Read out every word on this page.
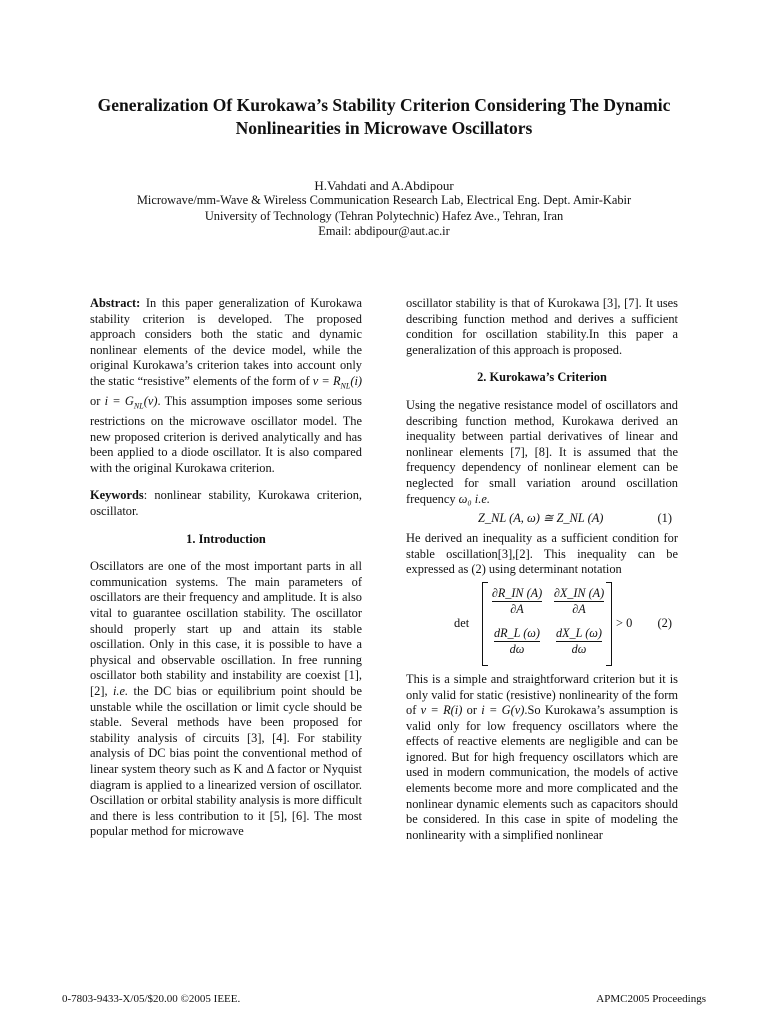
Generalization Of Kurokawa’s Stability Criterion Considering The Dynamic Nonlinearities in Microwave Oscillators
H.Vahdati and A.Abdipour
Microwave/mm-Wave & Wireless Communication Research Lab, Electrical Eng. Dept. Amir-Kabir
University of Technology (Tehran Polytechnic) Hafez Ave., Tehran, Iran
Email: abdipour@aut.ac.ir

Abstract: In this paper generalization of Kurokawa stability criterion is developed. The proposed approach considers both the static and dynamic nonlinear elements of the device model, while the original Kurokawa’s criterion takes into account only the static “resistive” elements of the form of $v = R_{NL}(i)$ or $i = G_{NL}(v)$. This assumption imposes some serious restrictions on the microwave oscillator model. The new proposed criterion is derived analytically and has been applied to a diode oscillator. It is also compared with the original Kurokawa criterion.

Keywords: nonlinear stability, Kurokawa criterion, oscillator.

1. Introduction

Oscillators are one of the most important parts in all communication systems. The main parameters of oscillators are their frequency and amplitude. It is also vital to guarantee oscillation stability. The oscillator should properly start up and attain its stable oscillation. Only in this case, it is possible to have a physical and observable oscillation. In free running oscillator both stability and instability are coexist [1], [2], i.e. the DC bias or equilibrium point should be unstable while the oscillation or limit cycle should be stable. Several methods have been proposed for stability analysis of circuits [3], [4]. For stability analysis of DC bias point the conventional method of linear system theory such as K and Δ factor or Nyquist diagram is applied to a linearized version of oscillator. Oscillation or orbital stability analysis is more difficult and there is less contribution to it [5], [6]. The most popular method for microwave

oscillator stability is that of Kurokawa [3], [7]. It uses describing function method and derives a sufficient condition for oscillation stability.In this paper a generalization of this approach is proposed.

2. Kurokawa’s Criterion

Using the negative resistance model of oscillators and describing function method, Kurokawa derived an inequality between partial derivatives of linear and nonlinear elements [7], [8]. It is assumed that the frequency dependency of nonlinear element can be neglected for small variation around oscillation frequency ω₀ i.e.

Z_NL (A, ω) ≅ Z_NL (A)	(1)

He derived an inequality as a sufficient condition for stable oscillation[3],[2]. This inequality can be expressed as (2) using determinant notation

det
∂R_IN (A)
∂A
∂X_IN (A)
∂A
dR_L (ω)
dω
dX_L (ω)
dω
> 0 (2)

This is a simple and straightforward criterion but it is only valid for static (resistive) nonlinearity of the form of v = R(i) or i = G(v).So Kurokawa’s assumption is valid only for low frequency oscillators where the effects of reactive elements are negligible and can be ignored. But for high frequency oscillators which are used in modern communication, the models of active elements become more and more complicated and the nonlinear dynamic elements such as capacitors should be considered. In this case in spite of modeling the nonlinearity with a simplified nonlinear

0-7803-9433-X/05/$20.00 ©2005 IEEE.	APMC2005 Proceedings
